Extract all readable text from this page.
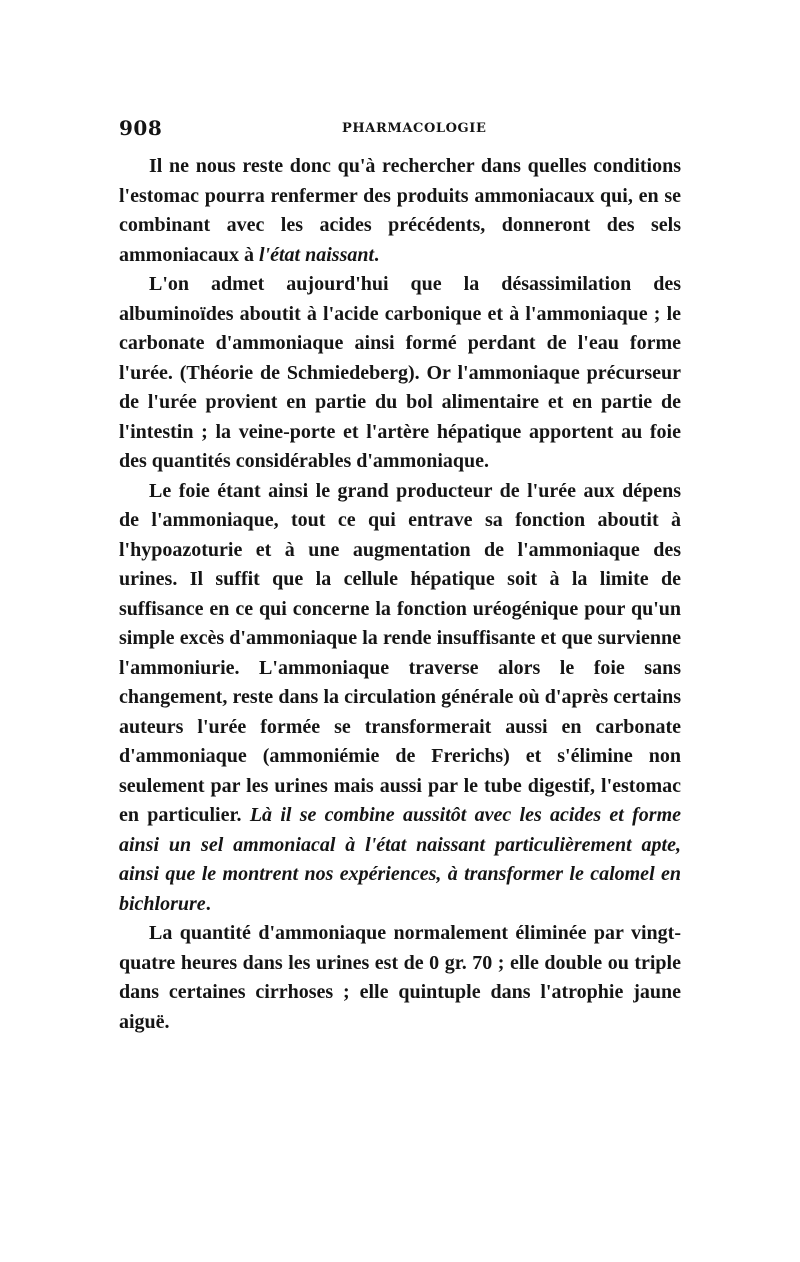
908	PHARMACOLOGIE

Il ne nous reste donc qu'à rechercher dans quelles conditions l'estomac pourra renfermer des produits ammoniacaux qui, en se combinant avec les acides précédents, donneront des sels ammoniacaux à l'état naissant.

L'on admet aujourd'hui que la désassimilation des albuminoïdes aboutit à l'acide carbonique et à l'ammoniaque ; le carbonate d'ammoniaque ainsi formé perdant de l'eau forme l'urée. (Théorie de Schmiedeberg). Or l'ammoniaque précurseur de l'urée provient en partie du bol alimentaire et en partie de l'intestin ; la veine-porte et l'artère hépatique apportent au foie des quantités considérables d'ammoniaque.

Le foie étant ainsi le grand producteur de l'urée aux dépens de l'ammoniaque, tout ce qui entrave sa fonction aboutit à l'hypoazoturie et à une augmentation de l'ammoniaque des urines. Il suffit que la cellule hépatique soit à la limite de suffisance en ce qui concerne la fonction uréogénique pour qu'un simple excès d'ammoniaque la rende insuffisante et que survienne l'ammoniurie. L'ammoniaque traverse alors le foie sans changement, reste dans la circulation générale où d'après certains auteurs l'urée formée se transformerait aussi en carbonate d'ammoniaque (ammoniémie de Frerichs) et s'élimine non seulement par les urines mais aussi par le tube digestif, l'estomac en particulier. Là il se combine aussitôt avec les acides et forme ainsi un sel ammoniacal à l'état naissant particulièrement apte, ainsi que le montrent nos expériences, à transformer le calomel en bichlorure.

La quantité d'ammoniaque normalement éliminée par vingt-quatre heures dans les urines est de 0 gr. 70 ; elle double ou triple dans certaines cirrhoses ; elle quintuple dans l'atrophie jaune aiguë.
